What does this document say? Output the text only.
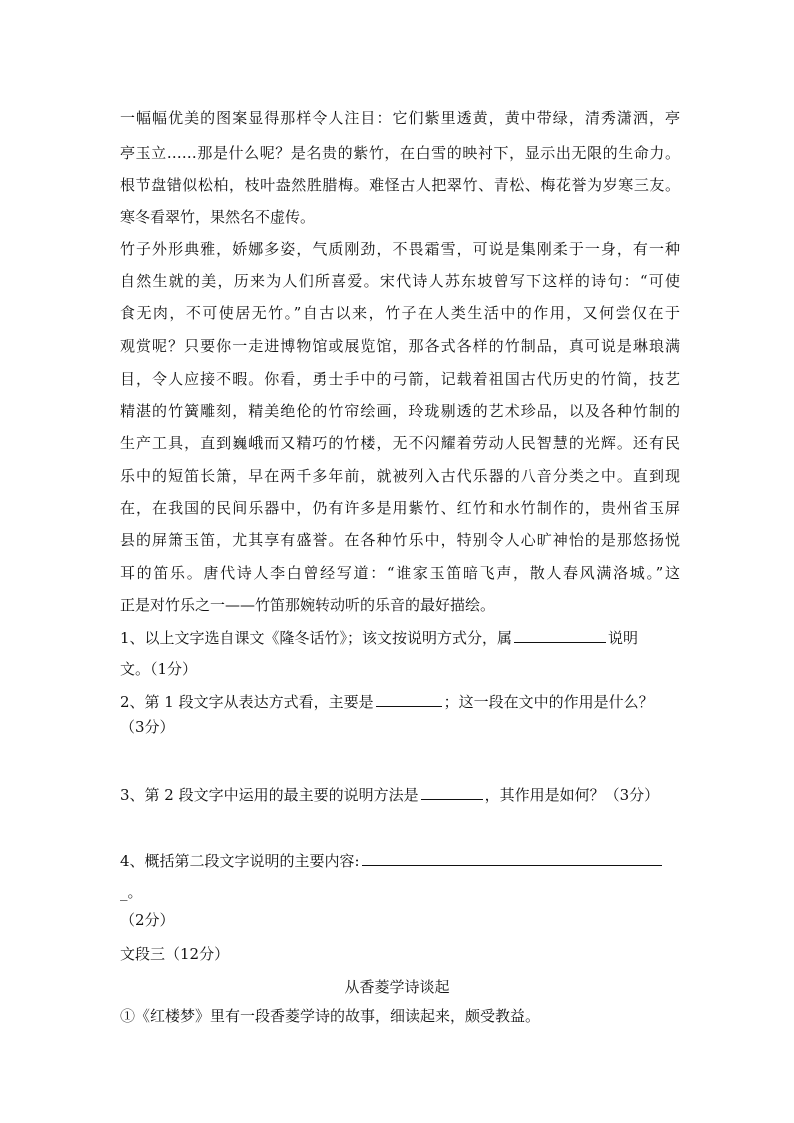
一幅幅优美的图案显得那样令人注目：它们紫里透黄，黄中带绿，清秀潇洒，亭
亭玉立……那是什么呢？是名贵的紫竹，在白雪的映衬下，显示出无限的生命力。
根节盘错似松柏，枝叶盎然胜腊梅。难怪古人把翠竹、青松、梅花誉为岁寒三友。
寒冬看翠竹，果然名不虚传。
竹子外形典雅，娇娜多姿，气质刚劲，不畏霜雪，可说是集刚柔于一身，有一种
自然生就的美，历来为人们所喜爱。宋代诗人苏东坡曾写下这样的诗句：“可使
食无肉，不可使居无竹。”自古以来，竹子在人类生活中的作用，又何尝仅在于
观赏呢？只要你一走进博物馆或展览馆，那各式各样的竹制品，真可说是琳琅满
目，令人应接不暇。你看，勇士手中的弓箭，记载着祖国古代历史的竹简，技艺
精湛的竹簧雕刻，精美绝伦的竹帘绘画，玲珑剔透的艺术珍品，以及各种竹制的
生产工具，直到巍峨而又精巧的竹楼，无不闪耀着劳动人民智慧的光辉。还有民
乐中的短笛长箫，早在两千多年前，就被列入古代乐器的八音分类之中。直到现
在，在我国的民间乐器中，仍有许多是用紫竹、红竹和水竹制作的，贵州省玉屏
县的屏箫玉笛，尤其享有盛誉。在各种竹乐中，特别令人心旷神怡的是那悠扬悦
耳的笛乐。唐代诗人李白曾经写道：“谁家玉笛暗飞声，散人春风满洛城。”这
正是对竹乐之一——竹笛那婉转动听的乐音的最好描绘。
1、以上文字选自课文《隆冬话竹》；该文按说明方式分，属	说明
文。（1分）
2、第 1 段文字从表达方式看，主要是	；这一段在文中的作用是什么？
（3分）
3、第 2 段文字中运用的最主要的说明方法是	，其作用是如何？（3分）
4、概括第二段文字说明的主要内容:
_。
（2分）
文段三（12分）
从香菱学诗谈起
①《红楼梦》里有一段香菱学诗的故事，细读起来，颇受教益。
